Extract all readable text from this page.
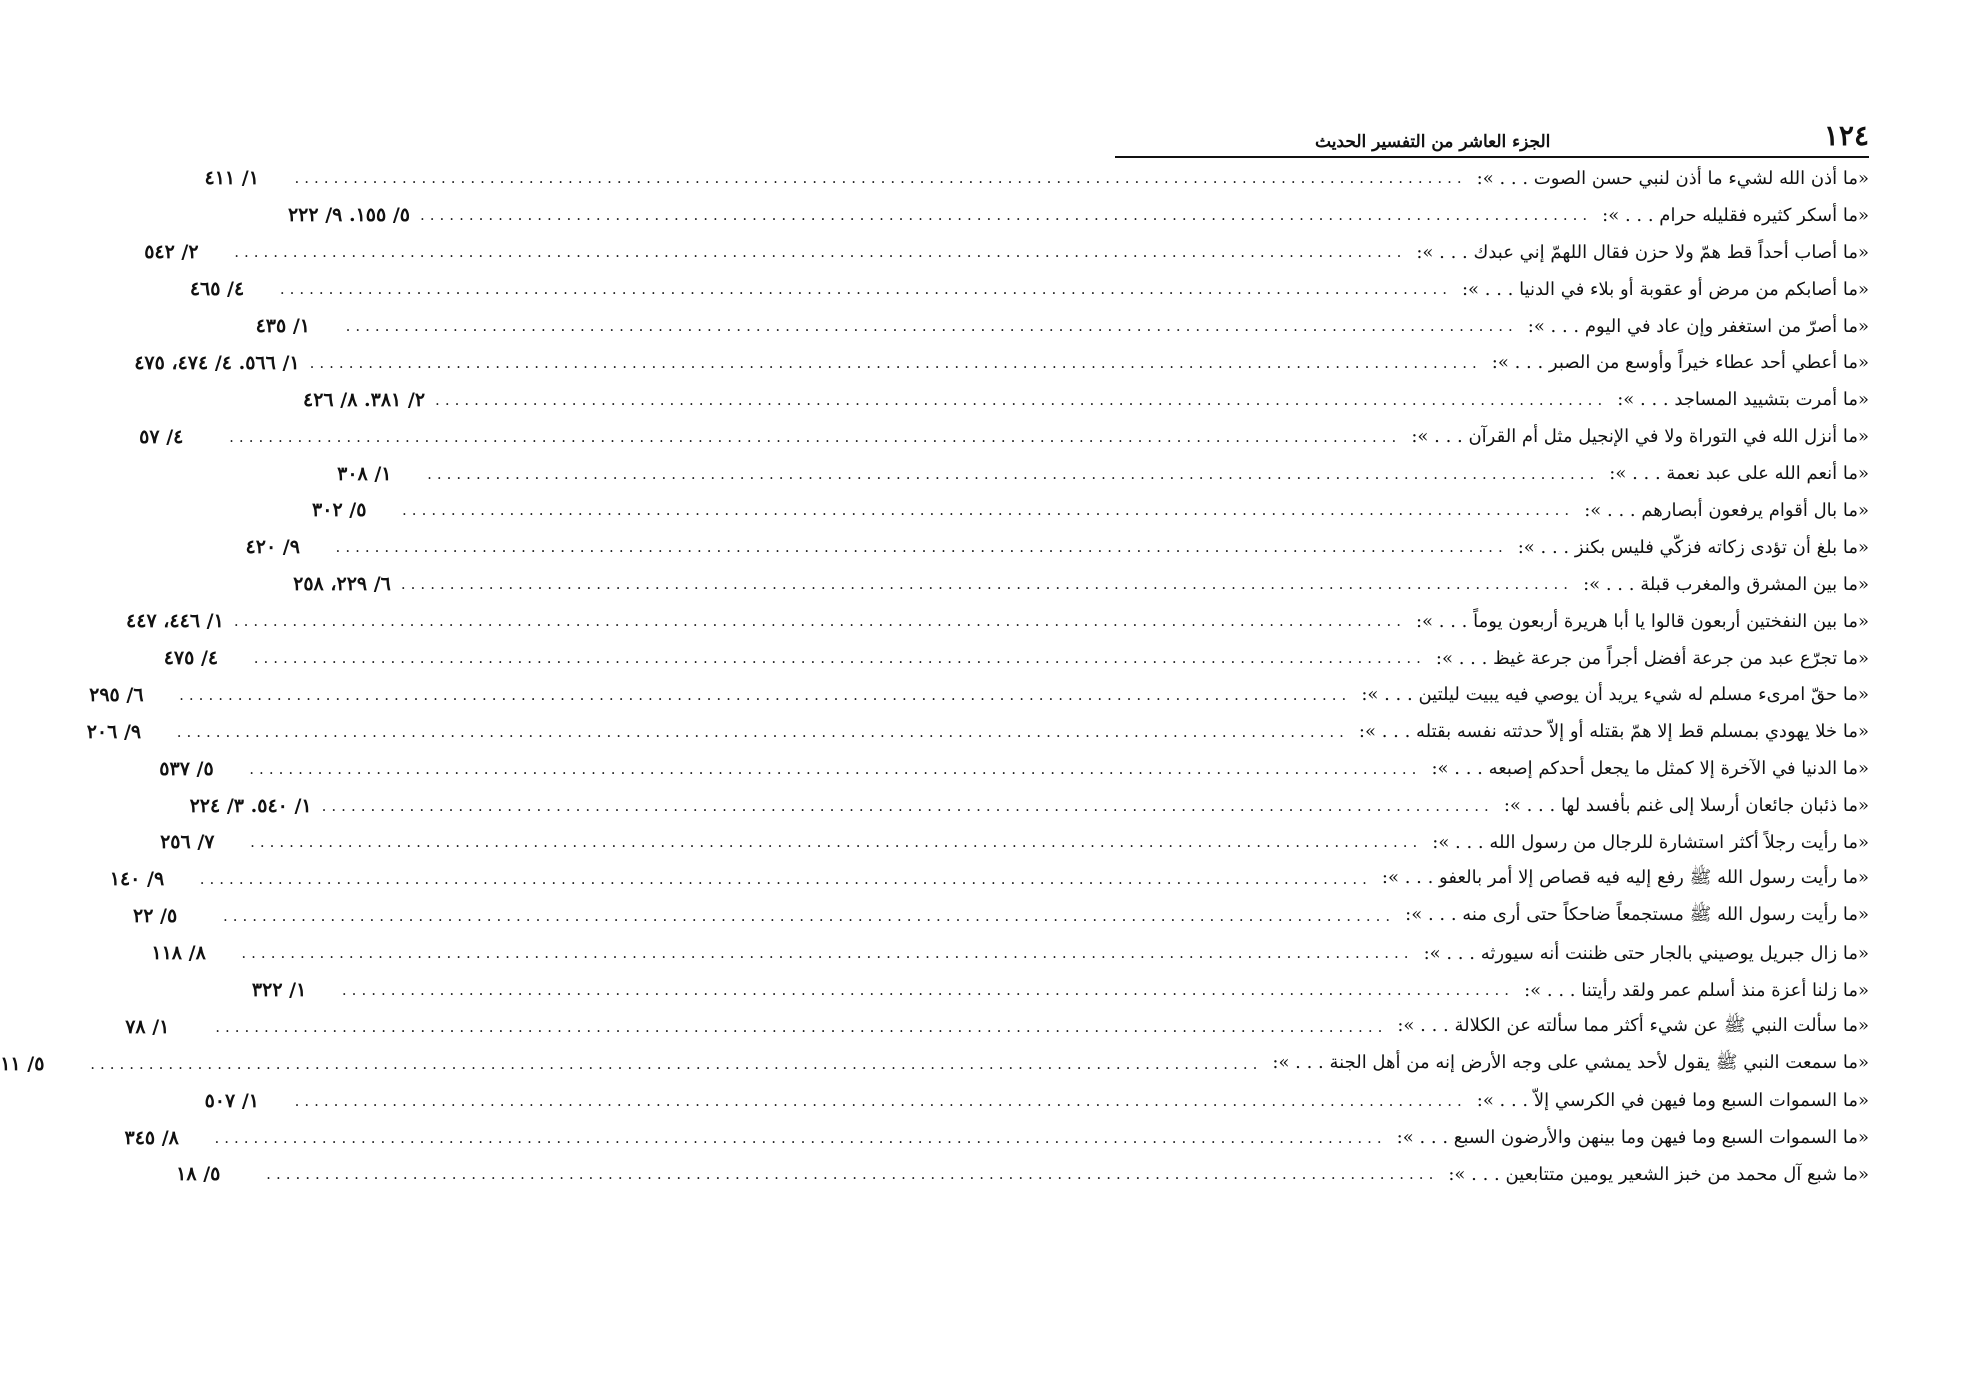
١٢٤
الجزء العاشر من التفسير الحديث
«ما أذن الله لشيء ما أذن لنبي حسن الصوت . . . »:
........................................................................................................................
١/ ٤١١
«ما أسكر كثيره فقليله حرام . . . »:
........................................................................................................................
٥/ ١٥٥. ٩/ ٢٢٢
«ما أصاب أحداً قط همّ ولا حزن فقال اللهمّ إني عبدك . . . »:
........................................................................................................................
٢/ ٥٤٢
«ما أصابكم من مرض أو عقوبة أو بلاء في الدنيا . . . »:
........................................................................................................................
٤/ ٤٦٥
«ما أصرّ من استغفر وإن عاد في اليوم . . . »:
........................................................................................................................
١/ ٤٣٥
«ما أعطي أحد عطاء خيراً وأوسع من الصبر . . . »:
........................................................................................................................
١/ ٥٦٦. ٤/ ٤٧٤، ٤٧٥
«ما أمرت بتشييد المساجد . . . »:
........................................................................................................................
٢/ ٣٨١. ٨/ ٤٢٦
«ما أنزل الله في التوراة ولا في الإنجيل مثل أم القرآن . . . »:
........................................................................................................................
٤/ ٥٧
«ما أنعم الله على عبد نعمة . . . »:
........................................................................................................................
١/ ٣٠٨
«ما بال أقوام يرفعون أبصارهم . . . »:
........................................................................................................................
٥/ ٣٠٢
«ما بلغ أن تؤدى زكاته فزكّي فليس بكنز . . . »:
........................................................................................................................
٩/ ٤٢٠
«ما بين المشرق والمغرب قبلة . . . »:
........................................................................................................................
٦/ ٢٢٩، ٢٥٨
«ما بين النفختين أربعون قالوا يا أبا هريرة أربعون يوماً . . . »:
........................................................................................................................
١/ ٤٤٦، ٤٤٧
«ما تجرّع عبد من جرعة أفضل أجراً من جرعة غيظ . . . »:
........................................................................................................................
٤/ ٤٧٥
«ما حقّ امرىء مسلم له شيء يريد أن يوصي فيه يبيت ليلتين . . . »:
........................................................................................................................
٦/ ٢٩٥
«ما خلا يهودي بمسلم قط إلا همّ بقتله أو إلاّ حدثته نفسه بقتله . . . »:
........................................................................................................................
٩/ ٢٠٦
«ما الدنيا في الآخرة إلا كمثل ما يجعل أحدكم إصبعه . . . »:
........................................................................................................................
٥/ ٥٣٧
«ما ذئبان جائعان أرسلا إلى غنم بأفسد لها . . . »:
........................................................................................................................
١/ ٥٤٠. ٣/ ٢٢٤
«ما رأيت رجلاً أكثر استشارة للرجال من رسول الله . . . »:
........................................................................................................................
٧/ ٢٥٦
«ما رأيت رسول الله ﷺ رفع إليه فيه قصاص إلا أمر بالعفو . . . »:
........................................................................................................................
٩/ ١٤٠
«ما رأيت رسول الله ﷺ مستجمعاً ضاحكاً حتى أرى منه . . . »:
........................................................................................................................
٥/ ٢٢
«ما زال جبريل يوصيني بالجار حتى ظننت أنه سيورثه . . . »:
........................................................................................................................
٨/ ١١٨
«ما زلنا أعزة منذ أسلم عمر ولقد رأيتنا . . . »:
........................................................................................................................
١/ ٣٢٢
«ما سألت النبي ﷺ عن شيء أكثر مما سألته عن الكلالة . . . »:
........................................................................................................................
١/ ٧٨
«ما سمعت النبي ﷺ يقول لأحد يمشي على وجه الأرض إنه من أهل الجنة . . . »:
........................................................................................................................
٥/ ١١
«ما السموات السبع وما فيهن في الكرسي إلاّ . . . »:
........................................................................................................................
١/ ٥٠٧
«ما السموات السبع وما فيهن وما بينهن والأرضون السبع . . . »:
........................................................................................................................
٨/ ٣٤٥
«ما شبع آل محمد من خبز الشعير يومين متتابعين . . . »:
........................................................................................................................
٥/ ١٨
